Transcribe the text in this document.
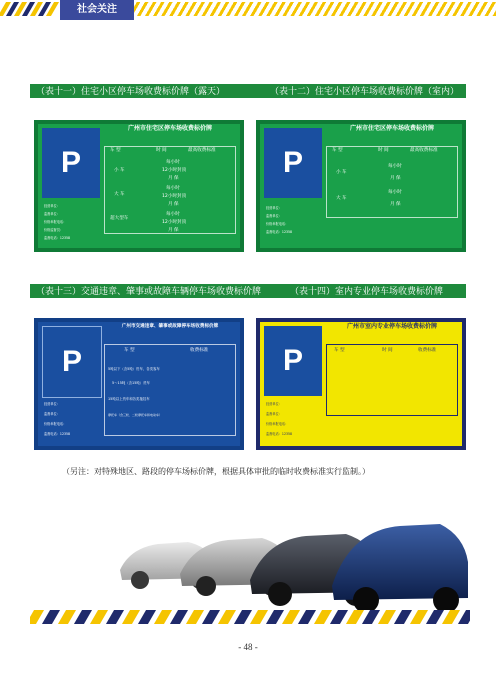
社会关注
（表十一）住宅小区停车场收费标价牌（露天）	（表十二）住宅小区停车场收费标价牌（室内）
P
广州市住宅区停车场收费标价牌
车 型	时 间	最高收费标准
小 车
每小时
12小时封顶
月 保
大 车
每小时
12小时封顶
月 保
超大型车
每小时
12小时封顶
月 保
经营单位：
监督单位：
价格举报电话：
价格监督员：
监督电话：12358
P
广州市住宅区停车场收费标价牌
车 型	时 间	最高收费标准
小 车
每小时
月 保
大 车
每小时
月 保
经营单位：
监督单位：
价格举报电话：
监督电话：12358
（表十三）交通违章、肇事或故障车辆停车场收费标价牌	（表十四）室内专业停车场收费标价牌
P
广州市交通违章、肇事或故障停车场收费标价牌
车 型	收费标准
5吨以下（含5吨）货车、各类客车
5～15吨（含15吨）货车
15吨以上货车和各类拖挂车
摩托车（含三轮、二轮摩托车和电动车）
经营单位：
监督单位：
价格举报电话：
监督电话：12358
P
广州市室内专业停车场收费标价牌
车 型	时 间	收费标准
经营单位：
监督单位：
价格举报电话：
监督电话：12358
（另注：对特殊地区、路段的停车场标价牌，根据具体审批的临时收费标准实行监制。）
- 48 -
